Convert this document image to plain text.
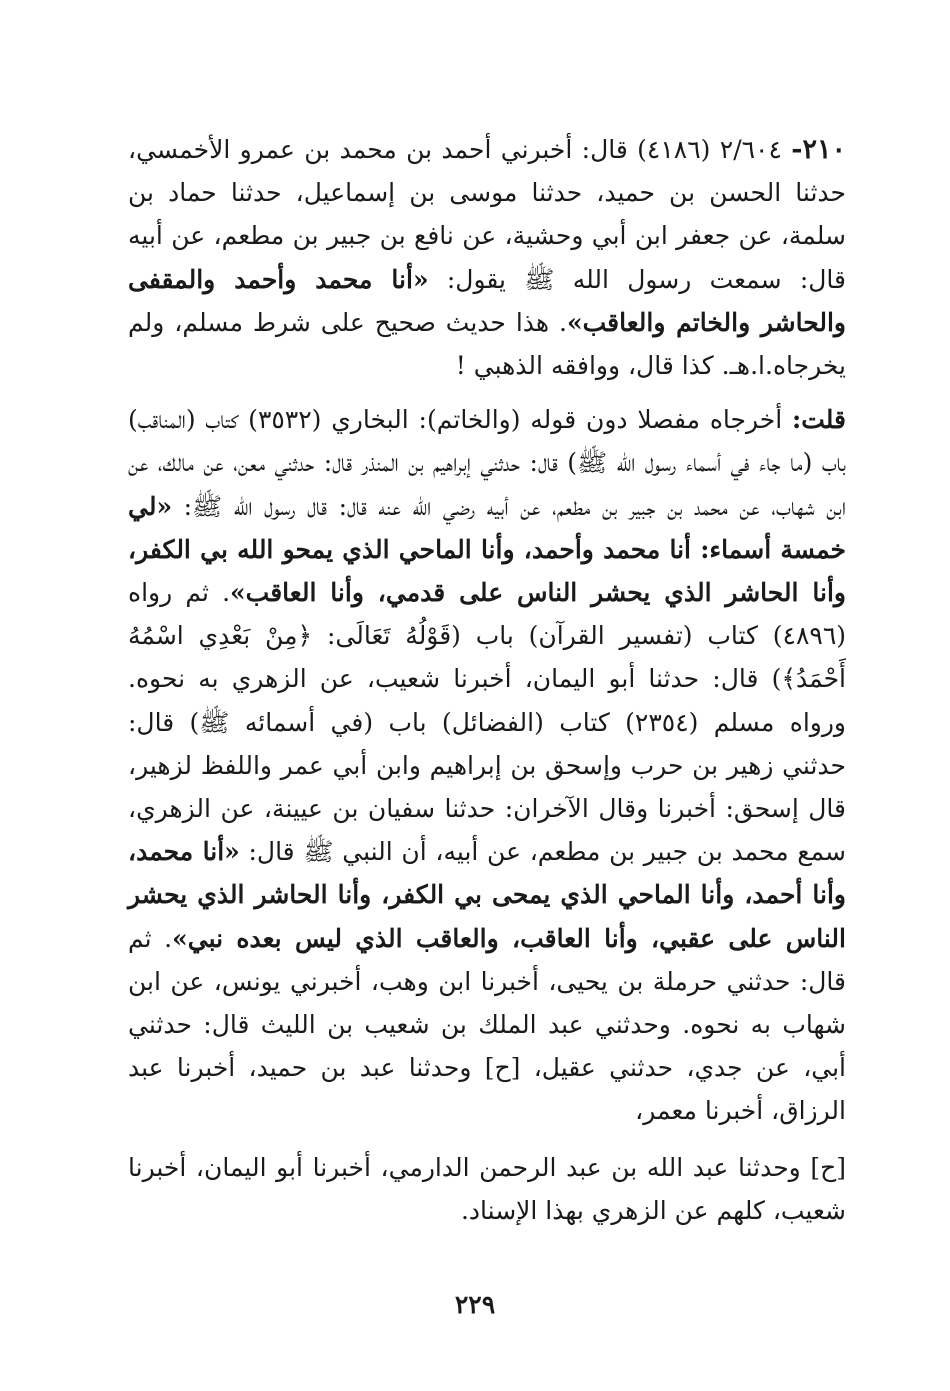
٢١٠- ٢/٦٠٤ (٤١٨٦) قال: أخبرني أحمد بن محمد بن عمرو الأخمسي، حدثنا الحسن بن حميد، حدثنا موسى بن إسماعيل، حدثنا حماد بن سلمة، عن جعفر ابن أبي وحشية، عن نافع بن جبير بن مطعم، عن أبيه قال: سمعت رسول الله ﷺ يقول: «أنا محمد وأحمد والمقفى والحاشر والخاتم والعاقب». هذا حديث صحيح على شرط مسلم، ولم يخرجاه.ا.هـ. كذا قال، ووافقه الذهبي !

قلت: أخرجاه مفصلا دون قوله (والخاتم): البخاري (٣٥٣٢) كتاب (المناقب) باب (ما جاء في أسماء رسول الله ﷺ) قال: حدثني إبراهيم بن المنذر قال: حدثني معن، عن مالك، عن ابن شهاب، عن محمد بن جبير بن مطعم، عن أبيه رضي الله عنه قال: قال رسول الله ﷺ: «لي خمسة أسماء: أنا محمد وأحمد، وأنا الماحي الذي يمحو الله بي الكفر، وأنا الحاشر الذي يحشر الناس على قدمي، وأنا العاقب». ثم رواه (٤٨٩٦) كتاب (تفسير القرآن) باب (قَوْلُهُ تَعَالَى: ﴿مِنْ بَعْدِي اسْمُهُ أَحْمَدُ﴾) قال: حدثنا أبو اليمان، أخبرنا شعيب، عن الزهري به نحوه. ورواه مسلم (٢٣٥٤) كتاب (الفضائل) باب (في أسمائه ﷺ) قال: حدثني زهير بن حرب وإسحق بن إبراهيم وابن أبي عمر واللفظ لزهير، قال إسحق: أخبرنا وقال الآخران: حدثنا سفيان بن عيينة، عن الزهري، سمع محمد بن جبير بن مطعم، عن أبيه، أن النبي ﷺ قال: «أنا محمد، وأنا أحمد، وأنا الماحي الذي يمحى بي الكفر، وأنا الحاشر الذي يحشر الناس على عقبي، وأنا العاقب، والعاقب الذي ليس بعده نبي». ثم قال: حدثني حرملة بن يحيى، أخبرنا ابن وهب، أخبرني يونس، عن ابن شهاب به نحوه. وحدثني عبد الملك بن شعيب بن الليث قال: حدثني أبي، عن جدي، حدثني عقيل، [ح] وحدثنا عبد بن حميد، أخبرنا عبد الرزاق، أخبرنا معمر،

[ح] وحدثنا عبد الله بن عبد الرحمن الدارمي، أخبرنا أبو اليمان، أخبرنا شعيب، كلهم عن الزهري بهذا الإسناد.

٢٢٩
